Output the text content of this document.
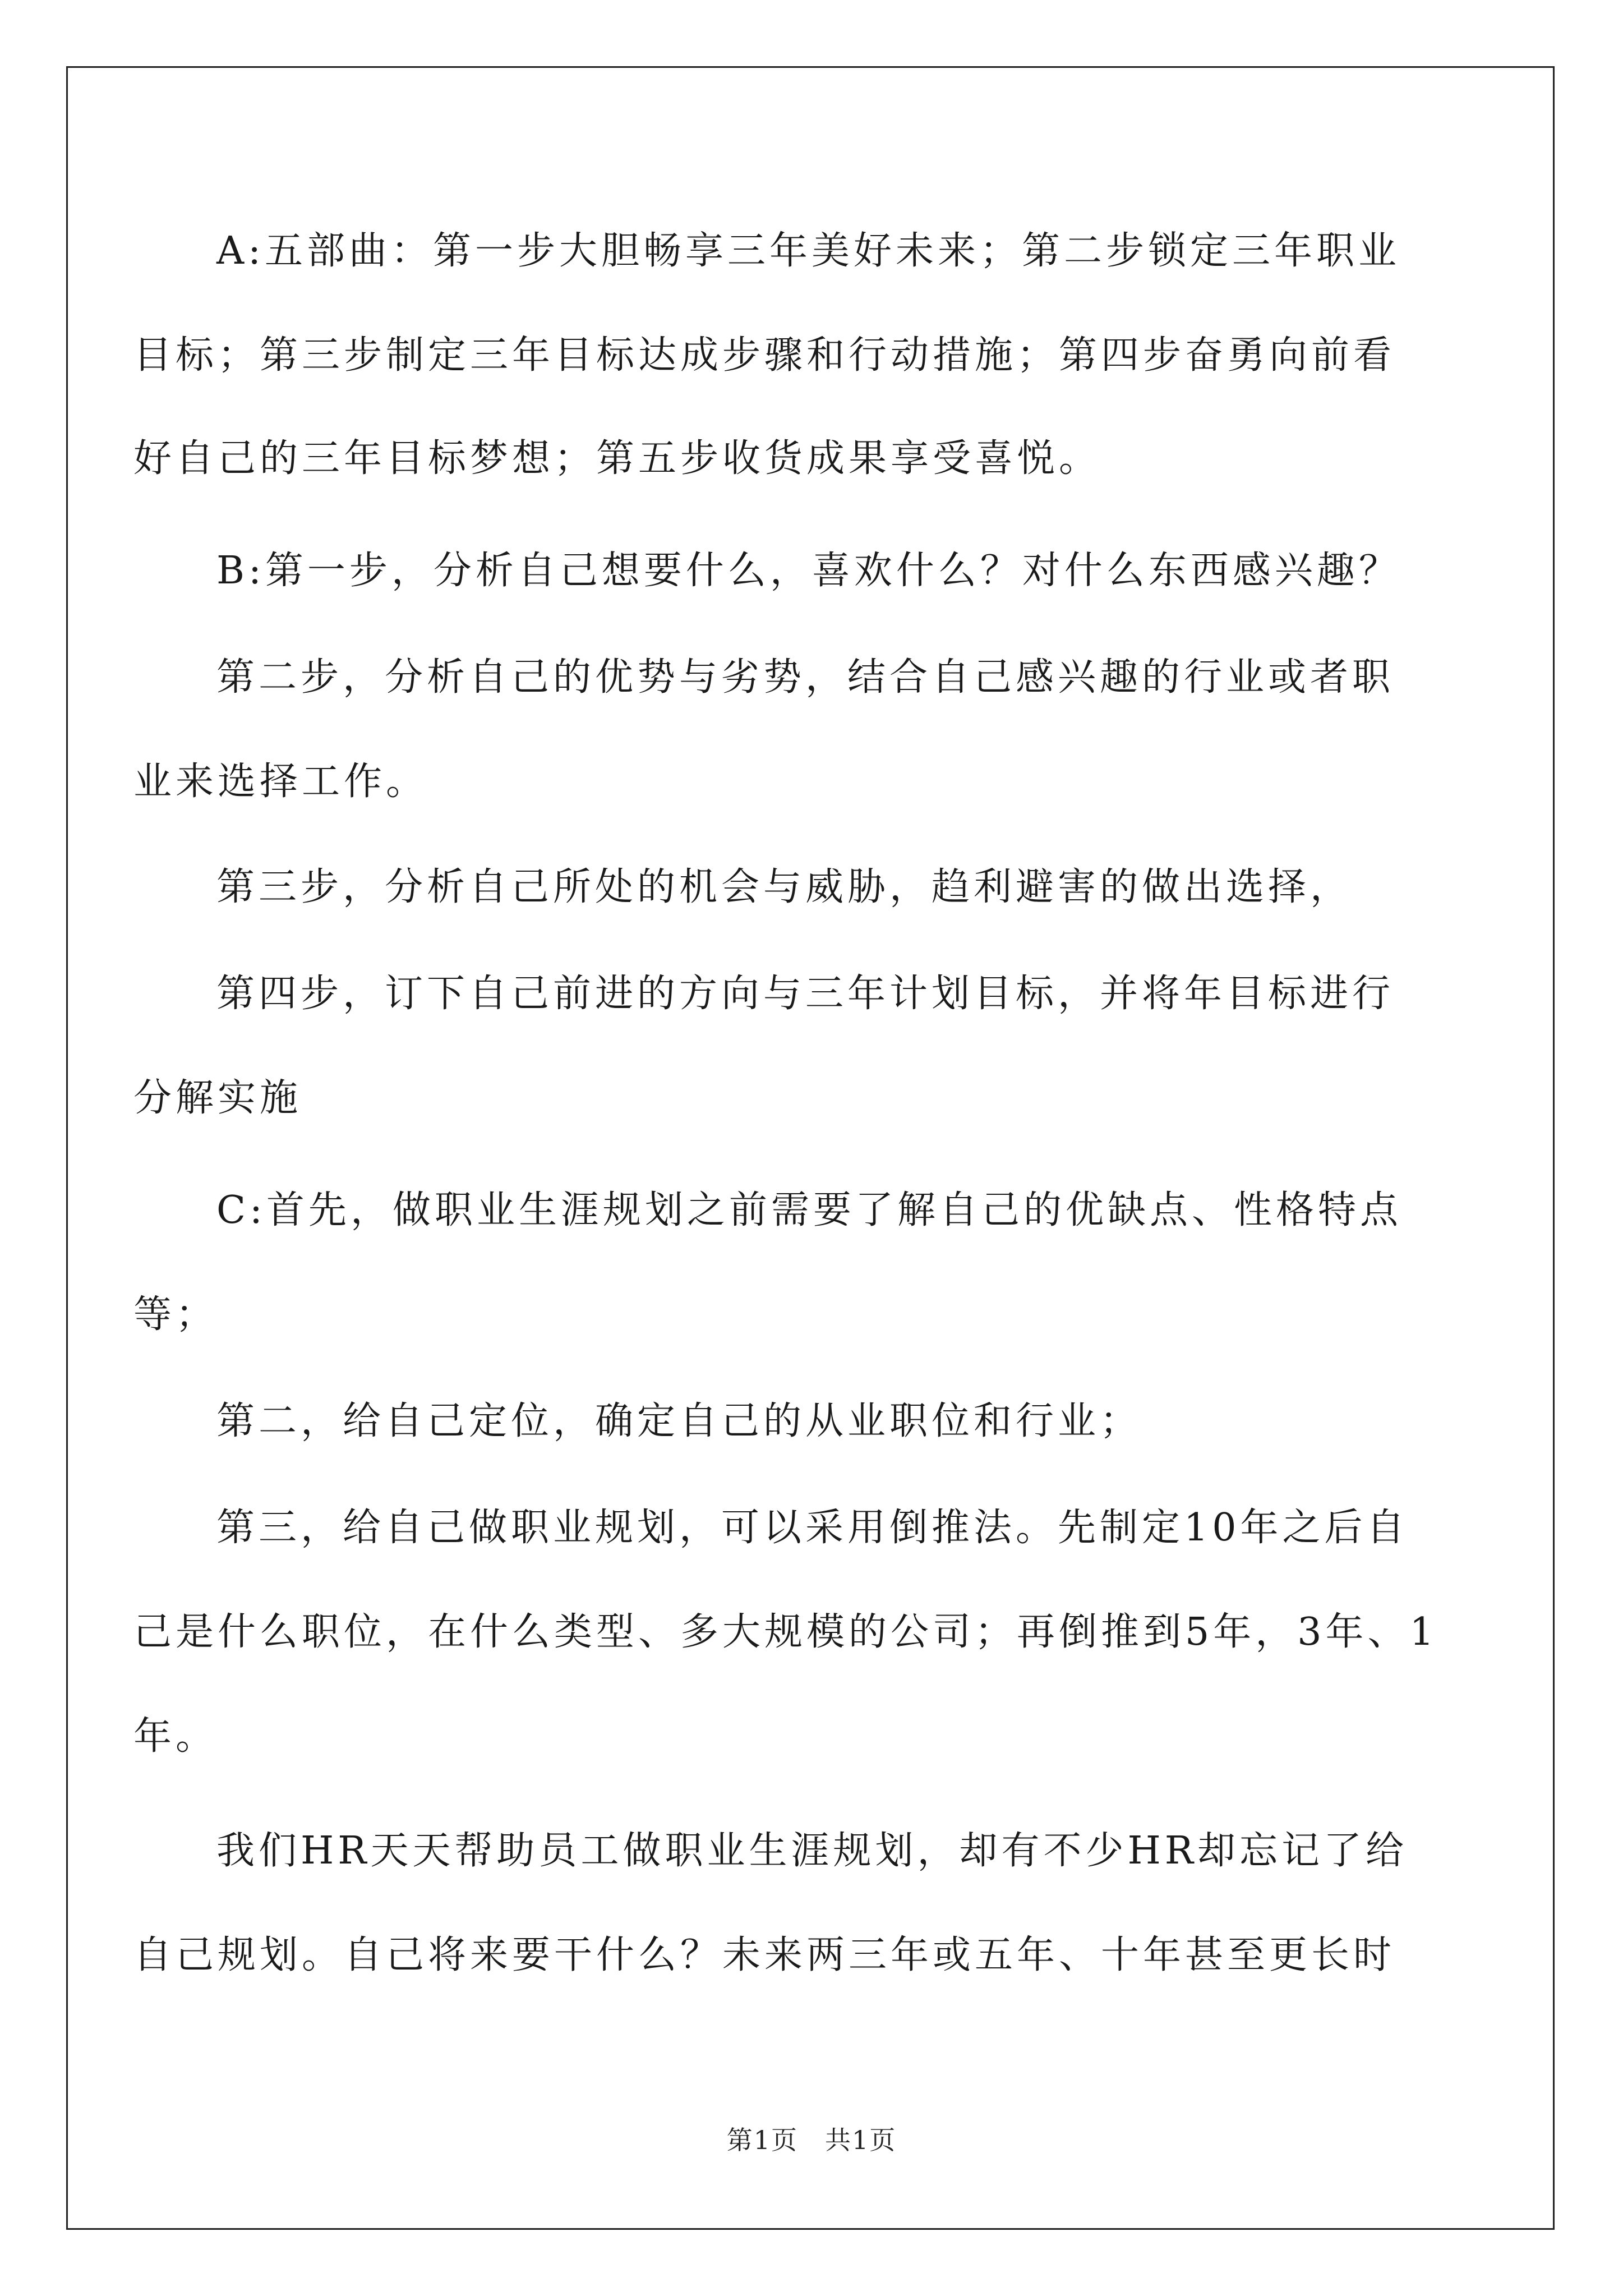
A:五部曲：第一步大胆畅享三年美好未来；第二步锁定三年职业
目标；第三步制定三年目标达成步骤和行动措施；第四步奋勇向前看
好自己的三年目标梦想；第五步收货成果享受喜悦。
B:第一步，分析自己想要什么，喜欢什么？对什么东西感兴趣？
第二步，分析自己的优势与劣势，结合自己感兴趣的行业或者职
业来选择工作。
第三步，分析自己所处的机会与威胁，趋利避害的做出选择，
第四步，订下自己前进的方向与三年计划目标，并将年目标进行
分解实施
C:首先，做职业生涯规划之前需要了解自己的优缺点、性格特点
等；
第二，给自己定位，确定自己的从业职位和行业；
第三，给自己做职业规划，可以采用倒推法。先制定10年之后自
己是什么职位，在什么类型、多大规模的公司；再倒推到5年，3年、1
年。
我们HR天天帮助员工做职业生涯规划，却有不少HR却忘记了给
自己规划。自己将来要干什么？未来两三年或五年、十年甚至更长时
第1页　共1页
